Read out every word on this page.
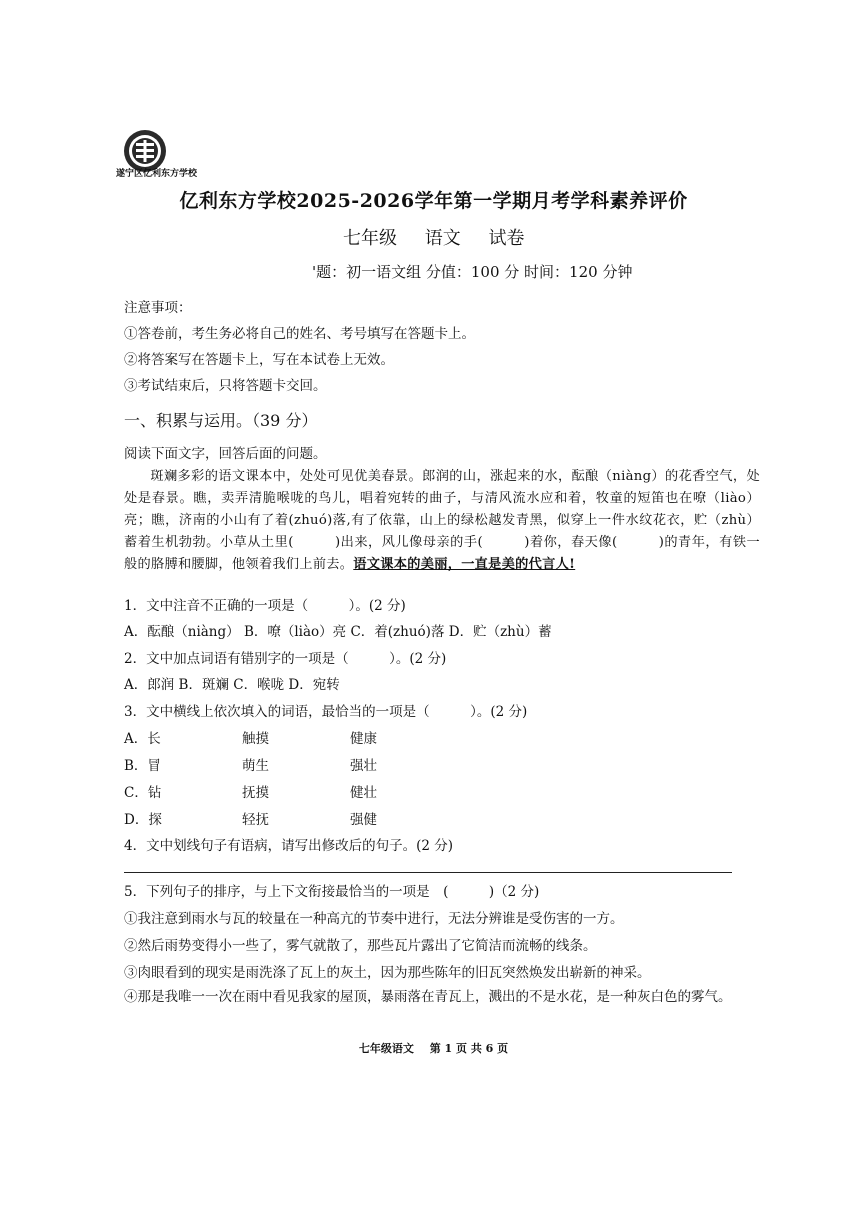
遂宁区亿利东方学校
亿利东方学校2025-2026学年第一学期月考学科素养评价
七年级 语文 试卷
'题：初一语文组 分值：100 分 时间：120 分钟
注意事项：
①答卷前，考生务必将自己的姓名、考号填写在答题卡上。
②将答案写在答题卡上，写在本试卷上无效。
③考试结束后，只将答题卡交回。
一、积累与运用。（39 分）
阅读下面文字，回答后面的问题。
斑斓多彩的语文课本中，处处可见优美春景。郎润的山，涨起来的水，酝酿（niàng）的花香空气，处处是春景。瞧，卖弄清脆喉咙的鸟儿，唱着宛转的曲子，与清风流水应和着，牧童的短笛也在嘹（liào）亮；瞧，济南的小山有了着(zhuó)落,有了依靠，山上的绿松越发青黑，似穿上一件水纹花衣，贮（zhù）蓄着生机勃勃。小草从土里(　　　)出来，风儿像母亲的手(　　　)着你，春天像(　　　)的青年，有铁一般的胳膊和腰脚，他领着我们上前去。语文课本的美丽，一直是美的代言人!
1．文中注音不正确的一项是（　　　）。(2 分)
A．酝酿（niàng） B．嘹（liào）亮 C．着(zhuó)落 D．贮（zhù）蓄
2．文中加点词语有错别字的一项是（　　　）。(2 分)
A．郎润 B．斑斓 C．喉咙 D．宛转
3．文中横线上依次填入的词语，最恰当的一项是（　　　）。(2 分)
A．长	触摸	健康
B．冒	萌生	强壮
C．钻	抚摸	健壮
D．探	轻抚	强健
4．文中划线句子有语病，请写出修改后的句子。(2 分)
5．下列句子的排序，与上下文衔接最恰当的一项是　(　　　)（2 分)
①我注意到雨水与瓦的较量在一种高亢的节奏中进行，无法分辨谁是受伤害的一方。
②然后雨势变得小一些了，雾气就散了，那些瓦片露出了它简洁而流畅的线条。
③肉眼看到的现实是雨洗涤了瓦上的灰土，因为那些陈年的旧瓦突然焕发出崭新的神采。
④那是我唯一一次在雨中看见我家的屋顶，暴雨落在青瓦上，溅出的不是水花，是一种灰白色的雾气。
七年级语文 第 1 页 共 6 页
